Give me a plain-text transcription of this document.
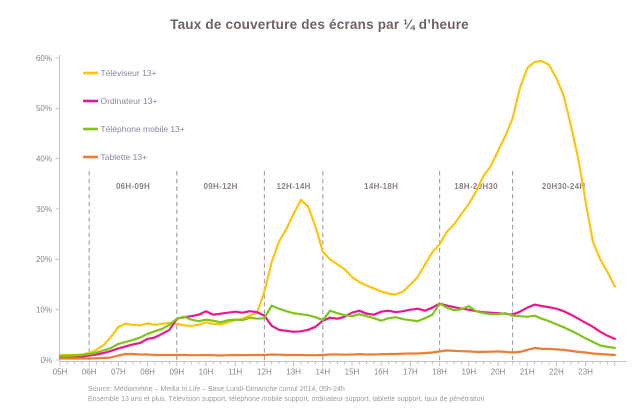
Taux de couverture des écrans par ¼ d’heure
06H-09H	09H-12H	12H-14H	14H-18H	18H-20H30	20H30-24H
0%
10%
20%
30%
40%
50%
60%
05H 06H 07H 08H 09H 10H 11H 12H 13H 14H 15H 16H 17H 18H 19H 20H 21H 22H 23H
Téléviseur 13+
Ordinateur 13+
Téléphone mobile 13+
Tablette 13+
Source: Médiamétrie – Media In Life – Base Lundi-Dimanche cumul 2014, 05h-24h
Ensemble 13 ans et plus. Télévision support, téléphone mobile support, ordinateur support, tablette support, taux de pénétration
